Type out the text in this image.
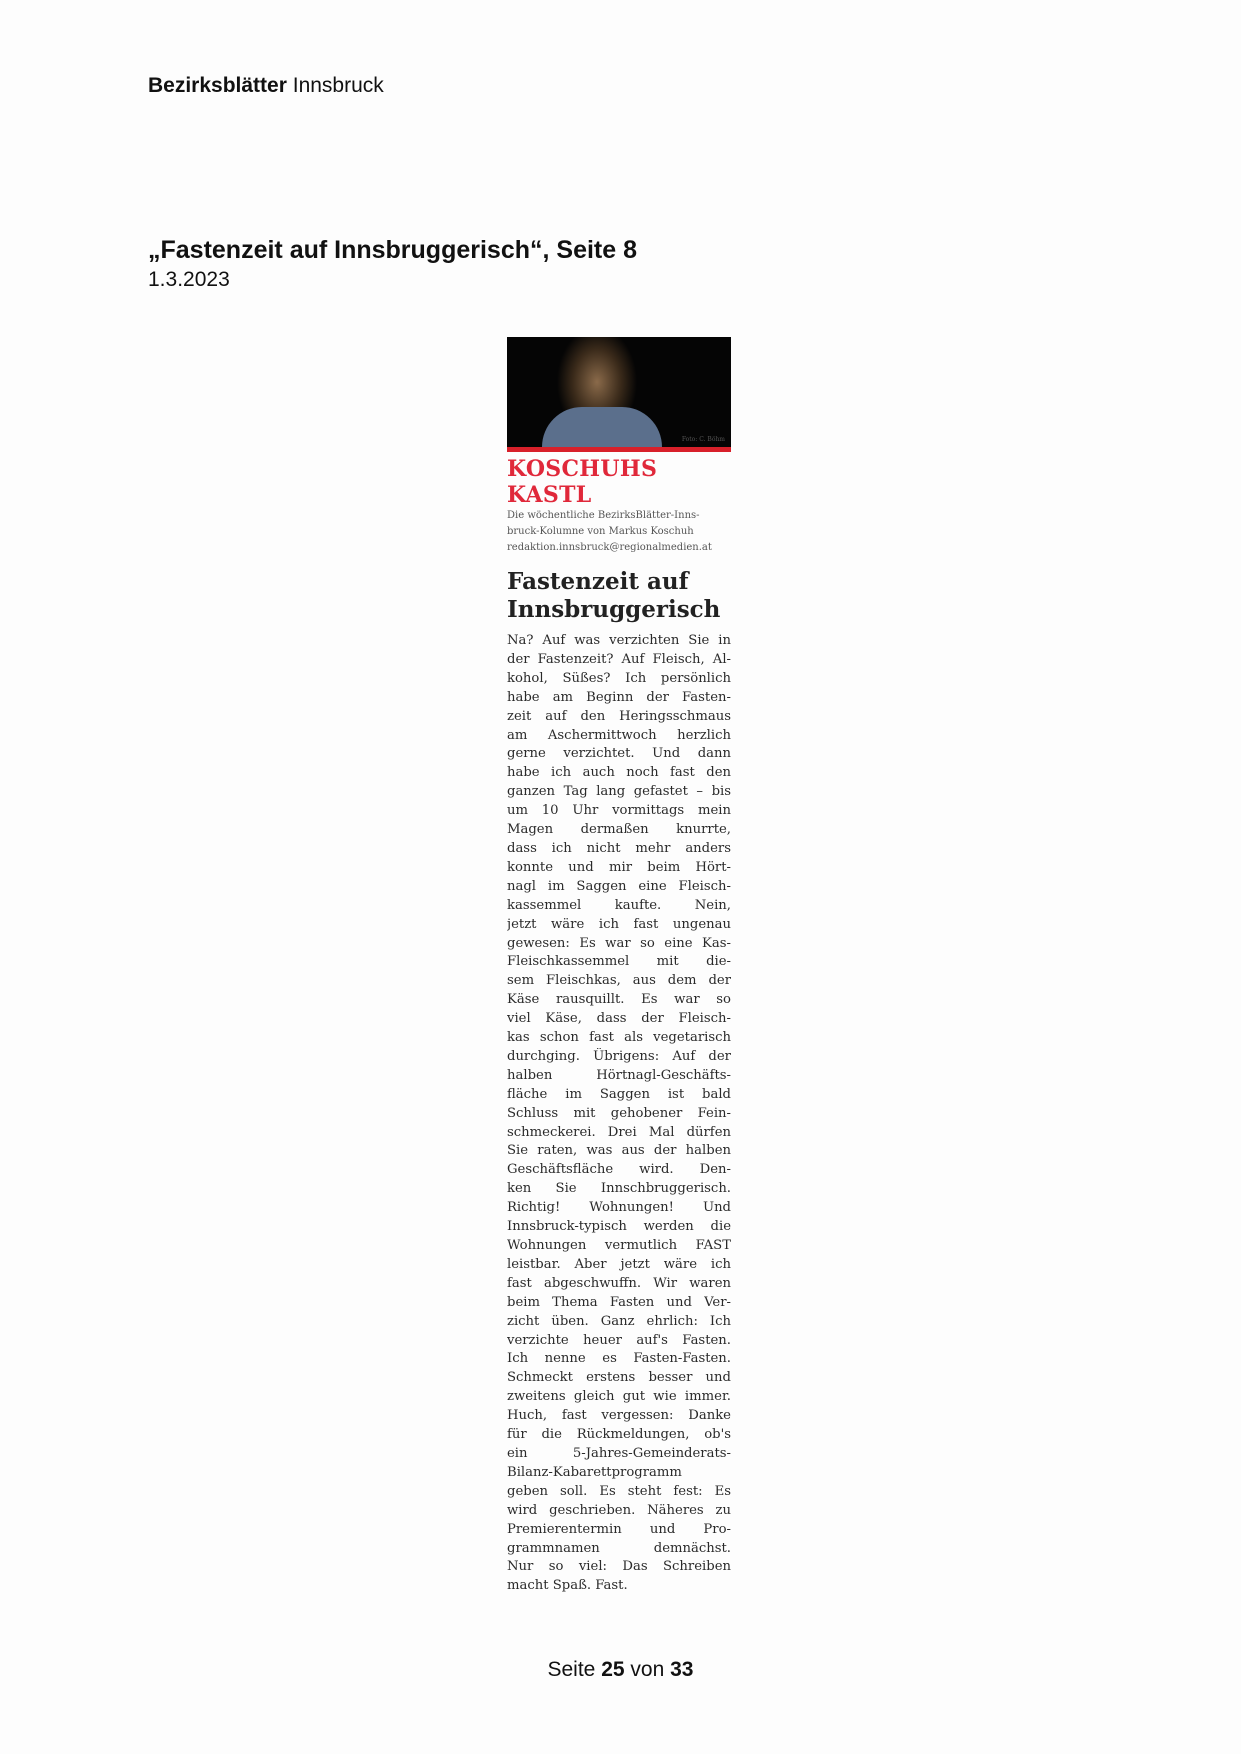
Bezirksblätter Innsbruck
„Fastenzeit auf Innsbruggerisch“, Seite 8
1.3.2023
Foto: C. Böhm
KOSCHUHS KASTL
Die wöchentliche BezirksBlätter-Inns-
bruck-Kolumne von Markus Koschuh
redaktion.innsbruck@regionalmedien.at
Fastenzeit auf
Innsbruggerisch
Na? Auf was verzichten Sie in
der Fastenzeit? Auf Fleisch, Al-
kohol, Süßes? Ich persönlich
habe am Beginn der Fasten-
zeit auf den Heringsschmaus
am Aschermittwoch herzlich
gerne verzichtet. Und dann
habe ich auch noch fast den
ganzen Tag lang gefastet – bis
um 10 Uhr vormittags mein
Magen dermaßen knurrte,
dass ich nicht mehr anders
konnte und mir beim Hört-
nagl im Saggen eine Fleisch-
kassemmel kaufte. Nein,
jetzt wäre ich fast ungenau
gewesen: Es war so eine Kas-
Fleischkassemmel mit die-
sem Fleischkas, aus dem der
Käse rausquillt. Es war so
viel Käse, dass der Fleisch-
kas schon fast als vegetarisch
durchging. Übrigens: Auf der
halben Hörtnagl-Geschäfts-
fläche im Saggen ist bald
Schluss mit gehobener Fein-
schmeckerei. Drei Mal dürfen
Sie raten, was aus der halben
Geschäftsfläche wird. Den-
ken Sie Innschbruggerisch.
Richtig! Wohnungen! Und
Innsbruck-typisch werden die
Wohnungen vermutlich FAST
leistbar. Aber jetzt wäre ich
fast abgeschwuffn. Wir waren
beim Thema Fasten und Ver-
zicht üben. Ganz ehrlich: Ich
verzichte heuer auf's Fasten.
Ich nenne es Fasten-Fasten.
Schmeckt erstens besser und
zweitens gleich gut wie immer.
Huch, fast vergessen: Danke
für die Rückmeldungen, ob's
ein 5-Jahres-Gemeinderats-
Bilanz-Kabarettprogramm
geben soll. Es steht fest: Es
wird geschrieben. Näheres zu
Premierentermin und Pro-
grammnamen demnächst.
Nur so viel: Das Schreiben
macht Spaß. Fast.
Seite 25 von 33
